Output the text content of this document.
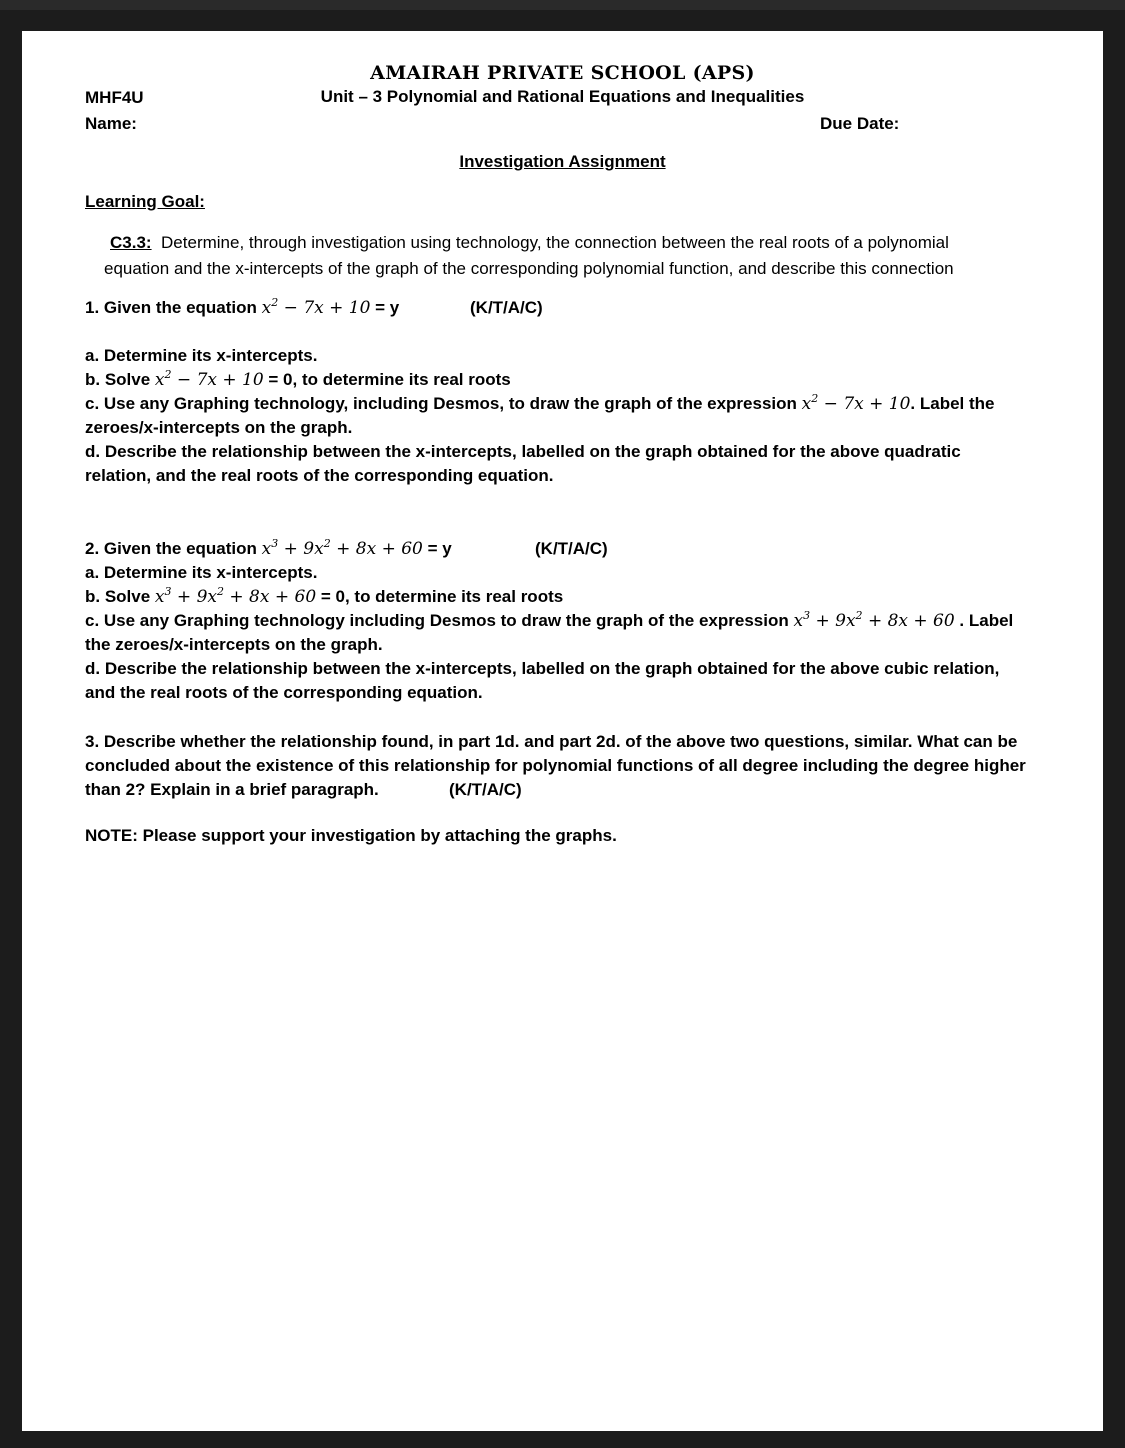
AMAIRAH PRIVATE SCHOOL (APS)
Unit – 3 Polynomial and Rational Equations and Inequalities
MHF4U
Name:	Due Date:
Investigation Assignment
Learning Goal:
C3.3: Determine, through investigation using technology, the connection between the real roots of a polynomial
equation and the x-intercepts of the graph of the corresponding polynomial function, and describe this connection
1. Given the equation $x^2 - 7x + 10 = y$	(K/T/A/C)
a. Determine its x-intercepts.
b. Solve $x^2 - 7x + 10 = 0$, to determine its real roots
c. Use any Graphing technology, including Desmos, to draw the graph of the expression $x^2 - 7x + 10$. Label the
zeroes/x-intercepts on the graph.
d. Describe the relationship between the x-intercepts, labelled on the graph obtained for the above quadratic
relation, and the real roots of the corresponding equation.
2. Given the equation $x^3 + 9x^2 + 8x + 60 = y$	(K/T/A/C)
a. Determine its x-intercepts.
b. Solve $x^3 + 9x^2 + 8x + 60 = 0$, to determine its real roots
c. Use any Graphing technology including Desmos to draw the graph of the expression $x^3 + 9x^2 + 8x + 60$ . Label
the zeroes/x-intercepts on the graph.
d. Describe the relationship between the x-intercepts, labelled on the graph obtained for the above cubic relation,
and the real roots of the corresponding equation.
3. Describe whether the relationship found, in part 1d. and part 2d. of the above two questions, similar. What can be
concluded about the existence of this relationship for polynomial functions of all degree including the degree higher
than 2? Explain in a brief paragraph.	(K/T/A/C)
NOTE: Please support your investigation by attaching the graphs.
